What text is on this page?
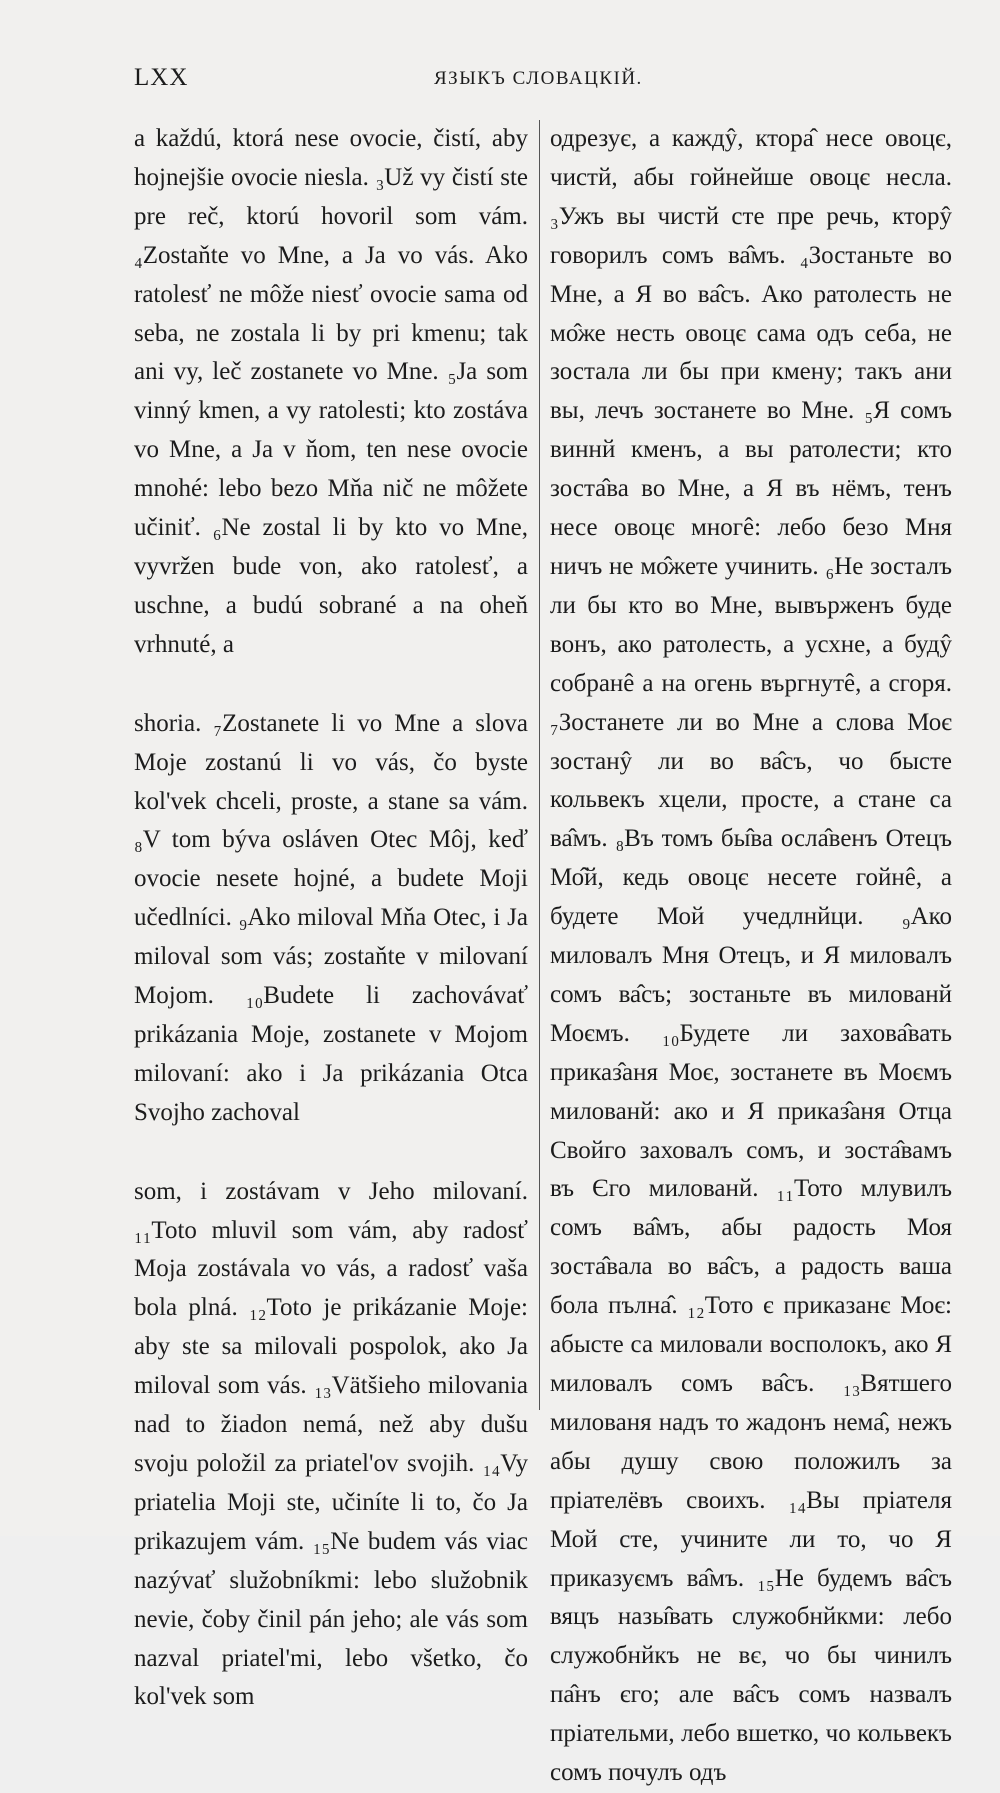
LXX	ЯЗЫКЪ СЛОВАЦКІЙ.

a každú, ktorá nese ovocie, čistí, aby hojnejšie ovocie niesla. ₃Už vy čistí ste pre reč, ktorú hovoril som vám. ₄Zostaňte vo Mne, a Ja vo vás. Ako ratolesť ne môže niesť ovocie sama od seba, ne zostala li by pri kmenu; tak ani vy, leč zostanete vo Mne. ₅Ja som vinný kmen, a vy ratolesti; kto zostáva vo Mne, a Ja v ňom, ten nese ovocie mnohé: lebo bezo Mňa nič ne môžete učiniť. ₆Ne zostal li by kto vo Mne, vyvržen bude von, ako ratolesť, a uschne, a budú sobrané a na oheň vrhnuté, a

shoria. ₇Zostanete li vo Mne a slova Moje zostanú li vo vás, čo byste kol'vek chceli, proste, a stane sa vám. ₈V tom býva osláven Otec Môj, keď ovocie nesete hojné, a budete Moji učedlníci. ₉Ako miloval Mňa Otec, i Ja miloval som vás; zostaňte v milovaní Mojom. ₁₀Budete li zachovávať prikázania Moje, zostanete v Mojom milovaní: ako i Ja prikázania Otca Svojho zachoval

som, i zostávam v Jeho milovaní. ₁₁Toto mluvil som vám, aby radosť Moja zostávala vo vás, a radosť vaša bola plná. ₁₂Toto je prikázanie Moje: aby ste sa milovali pospolok, ako Ja miloval som vás. ₁₃Vätšieho milovania nad to žiadon nemá, než aby dušu svoju položil za priatel'ov svojih. ₁₄Vy priatelia Moji ste, učiníte li to, čo Ja prikazujem vám. ₁₅Ne budem vás viac nazývať služobníkmi: lebo služobnik nevie, čoby činil pán jeho; ale vás som nazval priatel'mi, lebo všetko, čo kol'vek som

одрезує, а каждŷ, ктора̂ несе овоцє, чистй, абы гойнейше овоцє несла. ₃Ужъ вы чистй сте пре речь, кторŷ говорилъ сомъ ва̂мъ. ₄Зостаньте во Мне, а Я во ва̂съ. Ако ратолесть не мо̂же несть овоцє сама одъ себа, не зостала ли бы при кмену; такъ ани вы, лечъ зостанете во Мне. ₅Я сомъ виннй кменъ, а вы ратолести; кто зоста̂ва во Мне, а Я въ нёмъ, тенъ несе овоцє многê: лебо безо Мня ничъ не мо̂жете учинить. ₆Не зосталъ ли бы кто во Мне, вывърженъ буде вонъ, ако ратолесть, а усхне, а будŷ собранê а на огень въргнутê, а сгоря. ₇Зостанете ли во Мне а слова Моє зостанŷ ли во ва̂съ, чо бысте кольвекъ хцели, просте, а стане са ва̂мъ. ₈Въ томъ бы̂ва осла̂венъ Отецъ Мо̂й, кедь овоцє несете гойнê, а будете Мой учедлнйци. ₉Ако миловалъ Мня Отецъ, и Я миловалъ сомъ ва̂съ; зостаньте въ милованй Моємъ. ₁₀Будете ли захова̂вать приказ̂аня Моє, зостанете въ Моємъ милованй: ако и Я приказ̂аня Отца Свойго заховалъ сомъ, и зоста̂вамъ въ Єго милованй. ₁₁Тото млувилъ сомъ ва̂мъ, абы радость Моя зоста̂вала во ва̂съ, а радость ваша бола пълна̂. ₁₂Тото є приказанє Моє: абысте са миловали восполокъ, ако Я миловалъ сомъ ва̂съ. ₁₃Вятшего милованя надъ то жадонъ нема̂, нежъ абы душу свою положилъ за пріателёвъ своихъ. ₁₄Вы пріателя Мой сте, учините ли то, чо Я приказуємъ ва̂мъ. ₁₅Не будемъ ва̂съ вяцъ назы̂вать служобнйкми: лебо служобнйкъ не вє, чо бы чинилъ па̂нъ єго; але ва̂съ сомъ назвалъ пріательми, лебо вшетко, чо кольвекъ сомъ почулъ одъ
